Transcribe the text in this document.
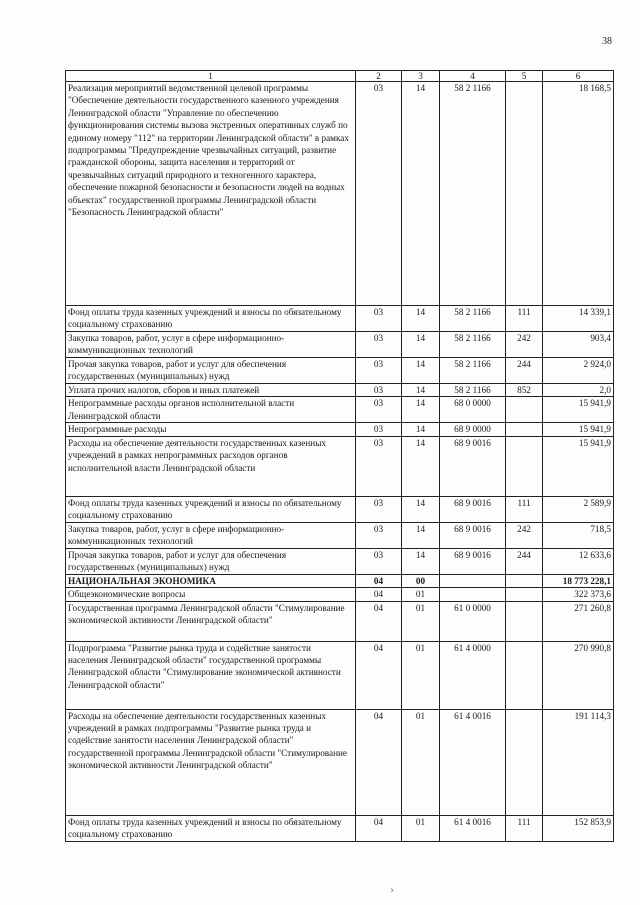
38
1	2	3	4	5	6
Реализация мероприятий ведомственной целевой программы "Обеспечение деятельности государственного казенного учреждения Ленинградской области "Управление по обеспечению функционирования системы вызова экстренных оперативных служб по единому номеру "112" на территории Ленинградской области" в рамках подпрограммы "Предупреждение чрезвычайных ситуаций, развитие гражданской обороны, защита населения и территорий от чрезвычайных ситуаций природного и техногенного характера, обеспечение пожарной безопасности и безопасности людей на водных объектах" государственной программы Ленинградской области "Безопасность Ленинградской области"	03	14	58 2 1166		18 168,5
Фонд оплаты труда казенных учреждений и взносы по обязательному социальному страхованию	03	14	58 2 1166	111	14 339,1
Закупка товаров, работ, услуг в сфере информационно-коммуникационных технологий	03	14	58 2 1166	242	903,4
Прочая закупка товаров, работ и услуг для обеспечения государственных (муниципальных) нужд	03	14	58 2 1166	244	2 924,0
Уплата прочих налогов, сборов и иных платежей	03	14	58 2 1166	852	2,0
Непрограммные расходы органов исполнительной власти Ленинградской области	03	14	68 0 0000		15 941,9
Непрограммные расходы	03	14	68 9 0000		15 941,9
Расходы на обеспечение деятельности государственных казенных учреждений в рамках непрограммных расходов органов исполнительной власти Ленинградской области	03	14	68 9 0016		15 941,9
Фонд оплаты труда казенных учреждений и взносы по обязательному социальному страхованию	03	14	68 9 0016	111	2 589,9
Закупка товаров, работ, услуг в сфере информационно-коммуникационных технологий	03	14	68 9 0016	242	718,5
Прочая закупка товаров, работ и услуг для обеспечения государственных (муниципальных) нужд	03	14	68 9 0016	244	12 633,6
НАЦИОНАЛЬНАЯ ЭКОНОМИКА	04	00			18 773 228,1
Общеэкономические вопросы	04	01			322 373,6
Государственная программа Ленинградской области "Стимулирование экономической активности Ленинградской области"	04	01	61 0 0000		271 260,8
Подпрограмма "Развитие рынка труда и содействие занятости населения Ленинградской области" государственной программы Ленинградской области "Стимулирование экономической активности Ленинградской области"	04	01	61 4 0000		270 990,8
Расходы на обеспечение деятельности государственных казенных учреждений в рамках подпрограммы "Развитие рынка труда и содействие занятости населения Ленинградской области" государственной программы Ленинградской области "Стимулирование экономической активности Ленинградской области"	04	01	61 4 0016		191 114,3
Фонд оплаты труда казенных учреждений и взносы по обязательному социальному страхованию	04	01	61 4 0016	111	152 853,9
›
